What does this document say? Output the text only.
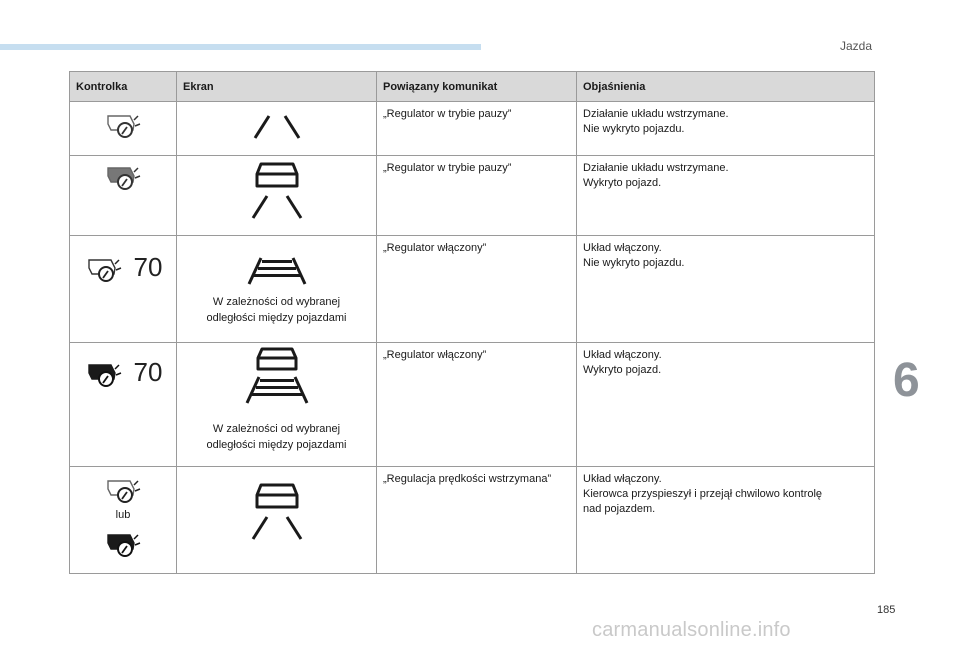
Jazda
6
Kontrolka	Ekran	Powiązany komunikat	Objaśnienia

	„Regulator w trybie pauzy”	Działanie układu wstrzymane.
Nie wykryto pojazdu.

	„Regulator w trybie pauzy”	Działanie układu wstrzymane.
Wykryto pojazd.

70	W zależności od wybranej
odległości między pojazdami	„Regulator włączony”	Układ włączony.
Nie wykryto pojazdu.

70	W zależności od wybranej
odległości między pojazdami	„Regulator włączony”	Układ włączony.
Wykryto pojazd.

lub		„Regulacja prędkości wstrzymana”	Układ włączony.
Kierowca przyspieszył i przejął chwilowo kontrolę
nad pojazdem.
185
carmanualsonline.info
